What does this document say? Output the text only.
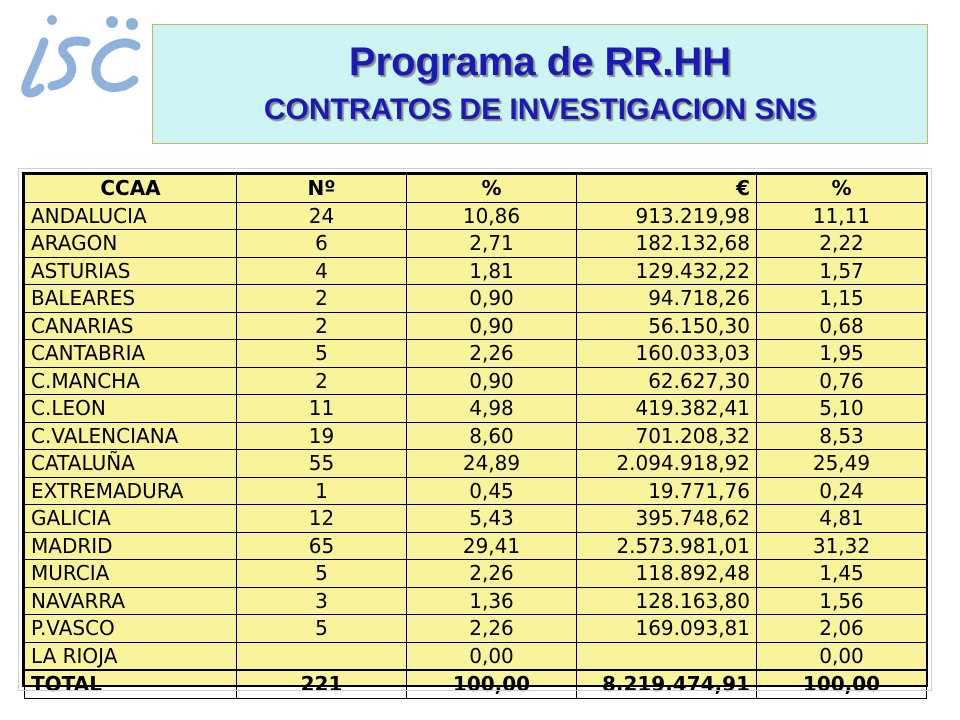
Programa de RR.HH
CONTRATOS DE INVESTIGACION SNS
CCAA	Nº	%	€	%
ANDALUCIA	24	10,86	913.219,98	11,11
ARAGON	6	2,71	182.132,68	2,22
ASTURIAS	4	1,81	129.432,22	1,57
BALEARES	2	0,90	94.718,26	1,15
CANARIAS	2	0,90	56.150,30	0,68
CANTABRIA	5	2,26	160.033,03	1,95
C.MANCHA	2	0,90	62.627,30	0,76
C.LEON	11	4,98	419.382,41	5,10
C.VALENCIANA	19	8,60	701.208,32	8,53
CATALUÑA	55	24,89	2.094.918,92	25,49
EXTREMADURA	1	0,45	19.771,76	0,24
GALICIA	12	5,43	395.748,62	4,81
MADRID	65	29,41	2.573.981,01	31,32
MURCIA	5	2,26	118.892,48	1,45
NAVARRA	3	1,36	128.163,80	1,56
P.VASCO	5	2,26	169.093,81	2,06
LA RIOJA		0,00		0,00
TOTAL	221	100,00	8.219.474,91	100,00
